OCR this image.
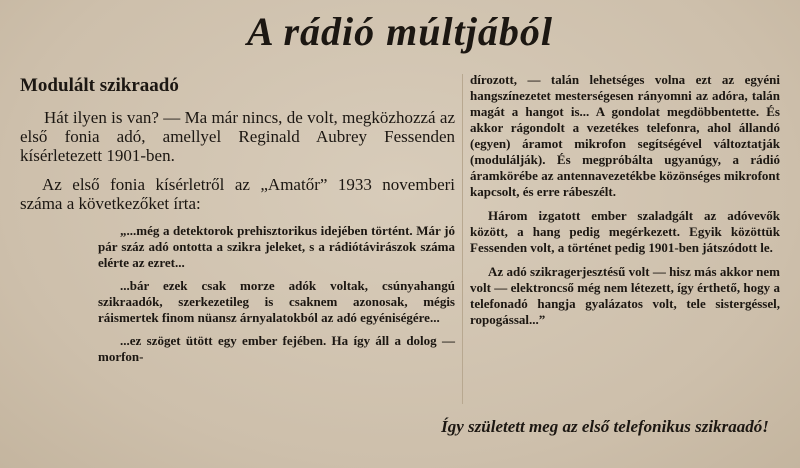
A rádió múltjából
Modulált szikraadó

Hát ilyen is van? — Ma már nincs, de volt, megközhozzá az első fonia adó, amellyel Reginald Aubrey Fessenden kísérletezett 1901-ben.

Az első fonia kísérletről az „Amatőr” 1933 novemberi száma a következőket írta:

„...még a detektorok prehisztorikus idejében történt. Már jó pár száz adó ontotta a szikra jeleket, s a rádiótávirászok száma elérte az ezret...

...bár ezek csak morze adók voltak, csúnyahangú szikraadók, szerkezetileg is csaknem azonosak, mégis ráismertek finom nüansz árnyalatokból az adó egyéniségére...

...ez szöget ütött egy ember fejében. Ha így áll a dolog — morfon-

dírozott, — talán lehetséges volna ezt az egyéni hangszínezetet mesterségesen rányomni az adóra, talán magát a hangot is... A gondolat megdöbbentette. És akkor rágondolt a vezetékes telefonra, ahol állandó (egyen) áramot mikrofon segítségével változtatják (modulálják). És megpróbálta ugyanúgy, a rádió áramkörébe az antennavezetékbe közönséges mikrofont kapcsolt, és erre rábeszélt.

Három izgatott ember szaladgált az adóvevők között, a hang pedig megérkezett. Egyik közöttük Fessenden volt, a történet pedig 1901-ben játszódott le.

Az adó szikragerjesztésű volt — hisz más akkor nem volt — elektroncső még nem létezett, így érthető, hogy a telefonadó hangja gyalázatos volt, tele sistergéssel, ropogással...”

Így született meg az első telefonikus szikraadó!
